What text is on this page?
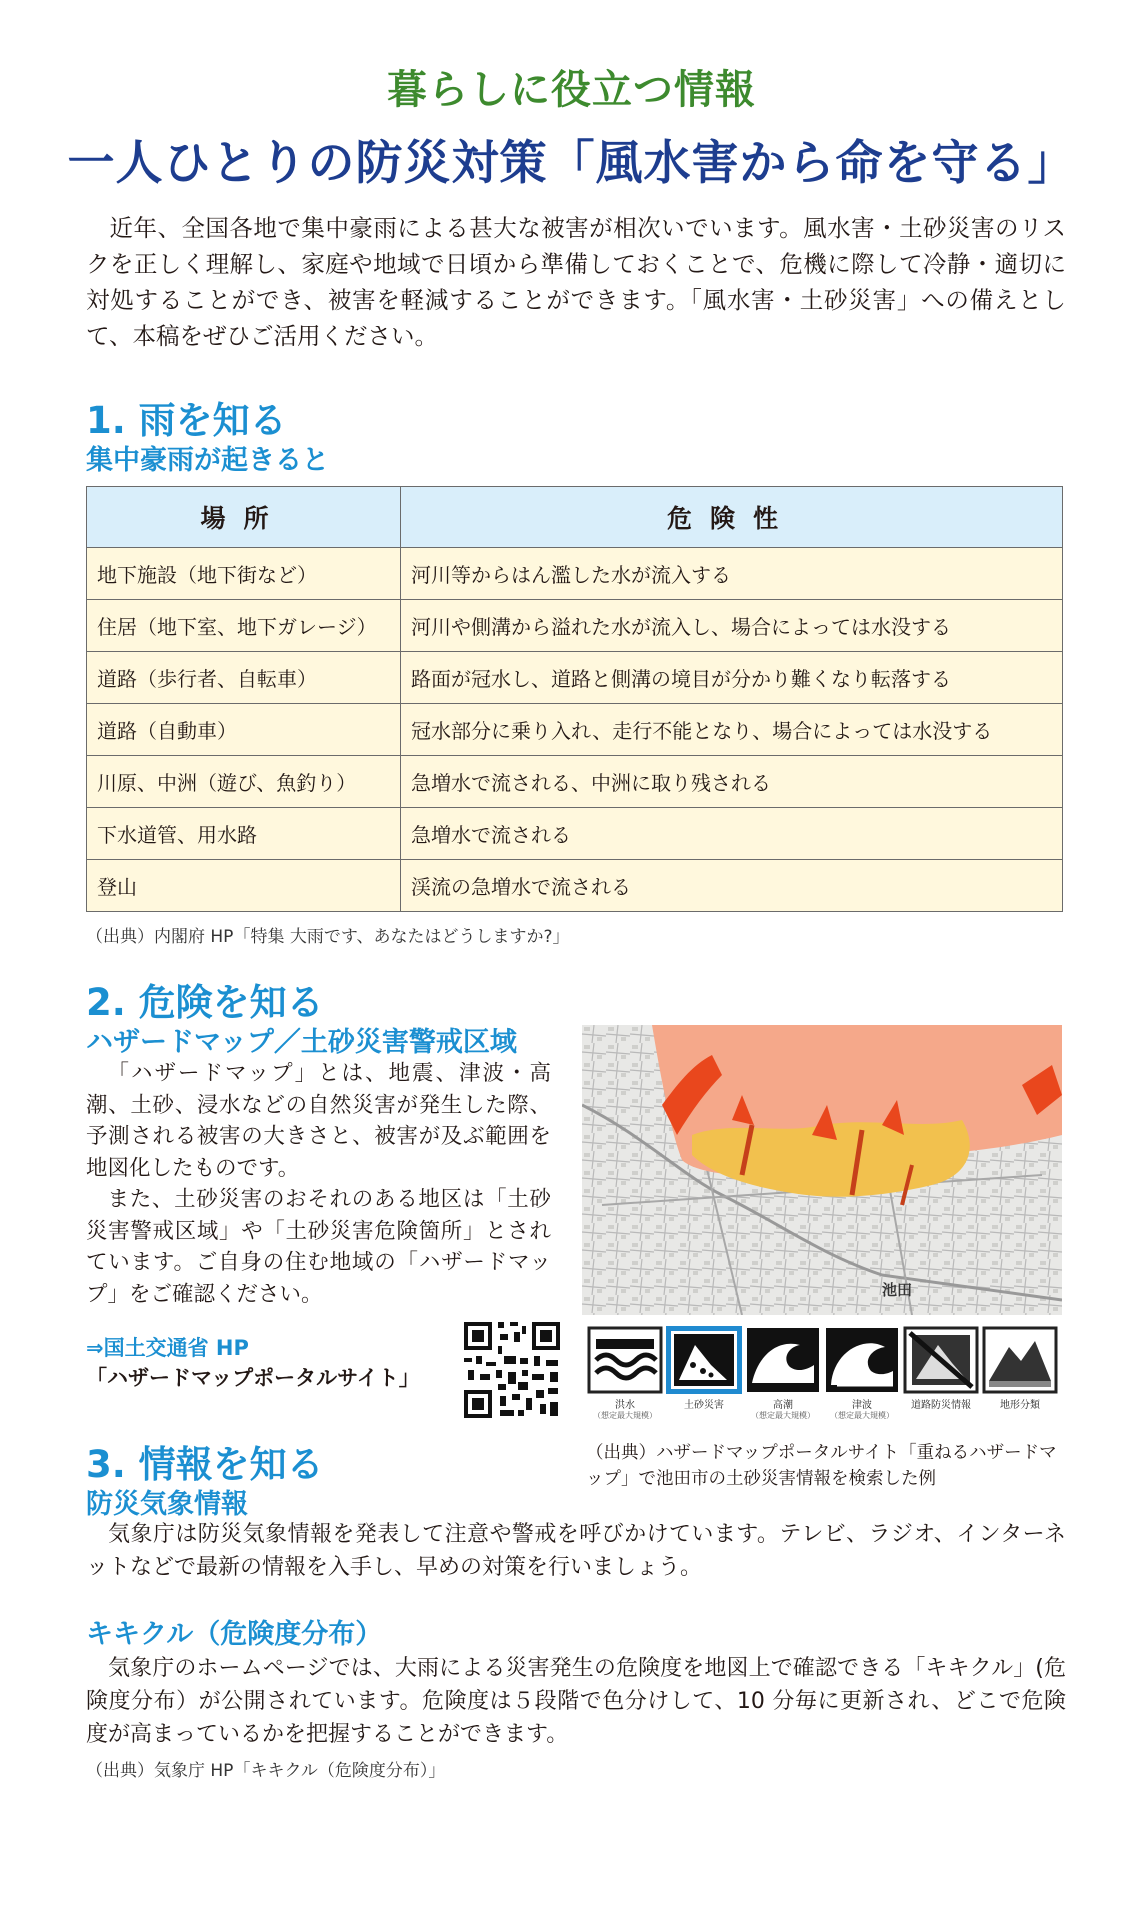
暮らしに役立つ情報
一人ひとりの防災対策「風水害から命を守る」
近年、全国各地で集中豪雨による甚大な被害が相次いでいます。風水害・土砂災害のリスクを正しく理解し、家庭や地域で日頃から準備しておくことで、危機に際して冷静・適切に対処することができ、被害を軽減することができます。「風水害・土砂災害」への備えとして、本稿をぜひご活用ください。
1. 雨を知る
集中豪雨が起きると
場所	危険性
地下施設（地下街など）	河川等からはん濫した水が流入する
住居（地下室、地下ガレージ）	河川や側溝から溢れた水が流入し、場合によっては水没する
道路（歩行者、自転車）	路面が冠水し、道路と側溝の境目が分かり難くなり転落する
道路（自動車）	冠水部分に乗り入れ、走行不能となり、場合によっては水没する
川原、中洲（遊び、魚釣り）	急増水で流される、中洲に取り残される
下水道管、用水路	急増水で流される
登山	渓流の急増水で流される
（出典）内閣府 HP「特集 大雨です、あなたはどうしますか?」
2. 危険を知る
ハザードマップ／土砂災害警戒区域

「ハザードマップ」とは、地震、津波・高潮、土砂、浸水などの自然災害が発生した際、予測される被害の大きさと、被害が及ぶ範囲を地図化したものです。

また、土砂災害のおそれのある地区は「土砂災害警戒区域」や「土砂災害危険箇所」とされています。ご自身の住む地域の「ハザードマップ」をご確認ください。

⇒国土交通省 HP
「ハザードマップポータルサイト」
池田
洪水
（想定最大規模）
土砂災害	高潮
（想定最大規模）
津波
（想定最大規模）
道路防災情報	地形分類
（出典）ハザードマップポータルサイト「重ねるハザードマップ」で池田市の土砂災害情報を検索した例
3. 情報を知る
防災気象情報
気象庁は防災気象情報を発表して注意や警戒を呼びかけています。テレビ、ラジオ、インターネットなどで最新の情報を入手し、早めの対策を行いましょう。
キキクル（危険度分布）
気象庁のホームページでは、大雨による災害発生の危険度を地図上で確認できる「キキクル」(危険度分布）が公開されています。危険度は５段階で色分けして、10 分毎に更新され、どこで危険度が高まっているかを把握することができます。
（出典）気象庁 HP「キキクル（危険度分布）」
